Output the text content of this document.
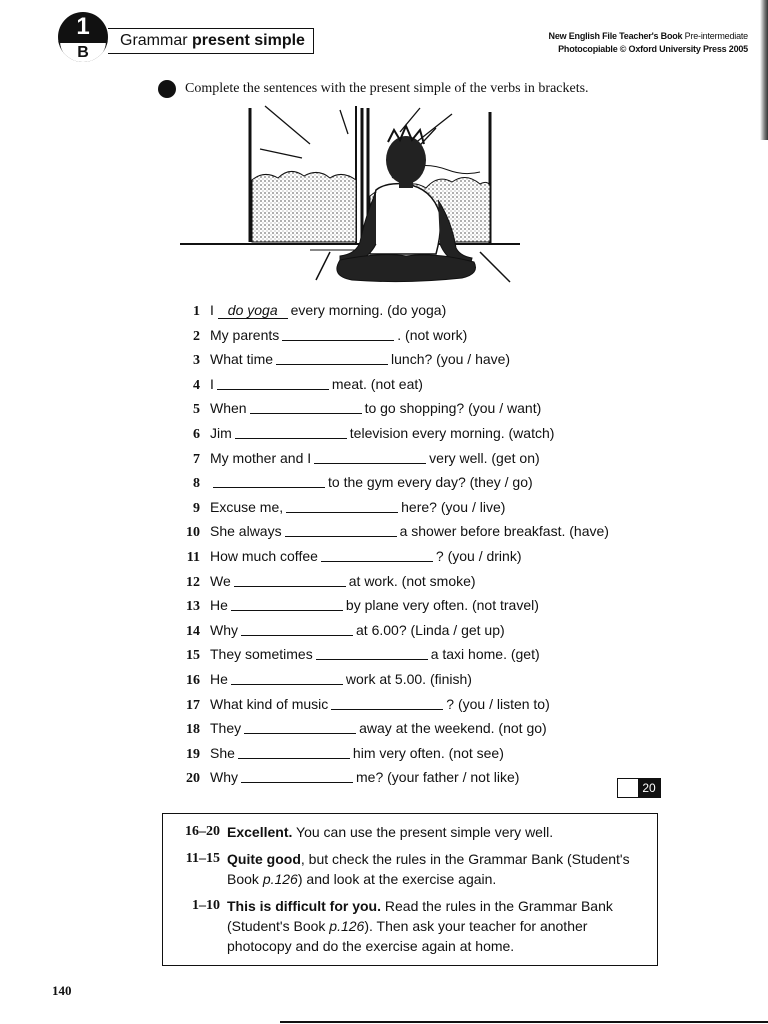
1
B
Grammar present simple	New English File Teacher's Book Pre-intermediate
Photocopiable © Oxford University Press 2005
Complete the sentences with the present simple of the verbs in brackets.
1 I do yoga every morning. (do yoga)
2 My parents	. (not work)
3 What time	lunch? (you / have)
4 I	meat. (not eat)
5 When	to go shopping? (you / want)
6 Jim	television every morning. (watch)
7 My mother and I	very well. (get on)
8	to the gym every day? (they / go)
9 Excuse me,	here? (you / live)
10 She always	a shower before breakfast. (have)
11 How much coffee	? (you / drink)
12 We	at work. (not smoke)
13 He	by plane very often. (not travel)
14 Why	at 6.00? (Linda / get up)
15 They sometimes	a taxi home. (get)
16 He	work at 5.00. (finish)
17 What kind of music	? (you / listen to)
18 They	away at the weekend. (not go)
19 She	him very often. (not see)
20 Why	me? (your father / not like)
20
16–20 Excellent. You can use the present simple very well.
11–15 Quite good, but check the rules in the Grammar Bank (Student's Book p.126) and look at the exercise again.
1–10 This is difficult for you. Read the rules in the Grammar Bank (Student's Book p.126). Then ask your teacher for another photocopy and do the exercise again at home.
140
